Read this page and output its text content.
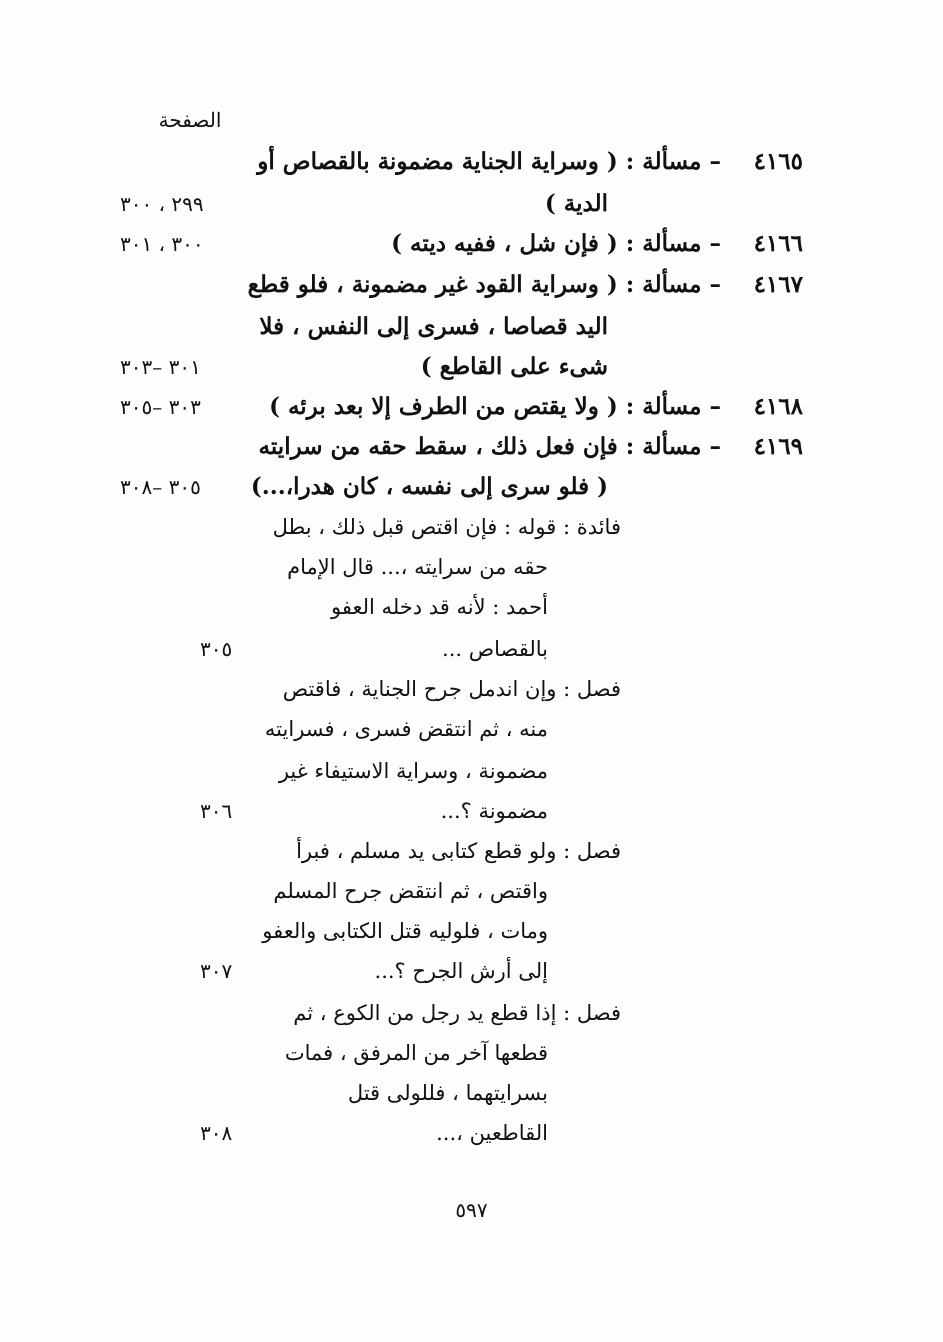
الصفحة
٤١٦٥
– مسألة : ( وسراية الجناية مضمونة بالقصاص أو
الدية )
٢٩٩ ، ٣٠٠
٤١٦٦
– مسألة : ( فإن شل ، ففيه ديته )
٣٠٠ ، ٣٠١
٤١٦٧
– مسألة : ( وسراية القود غير مضمونة ، فلو قطع
اليد قصاصا ، فسرى إلى النفس ، فلا
شىء على القاطع )
٣٠١ –٣٠٣
٤١٦٨
– مسألة : ( ولا يقتص من الطرف إلا بعد برئه )
٣٠٣ –٣٠٥
٤١٦٩
– مسألة : فإن فعل ذلك ، سقط حقه من سرايته
( فلو سرى إلى نفسه ، كان هدرا،...)
٣٠٥ –٣٠٨
فائدة : قوله : فإن اقتص قبل ذلك ، بطل
حقه من سرايته ،... قال الإمام
أحمد : لأنه قد دخله العفو
بالقصاص ...
٣٠٥
فصل : وإن اندمل جرح الجناية ، فاقتص
منه ، ثم انتقض فسرى ، فسرايته
مضمونة ، وسراية الاستيفاء غير
مضمونة ؟...
٣٠٦
فصل : ولو قطع كتابى يد مسلم ، فبرأ
واقتص ، ثم انتقض جرح المسلم
ومات ، فلوليه قتل الكتابى والعفو
إلى أرش الجرح ؟...
٣٠٧
فصل : إذا قطع يد رجل من الكوع ، ثم
قطعها آخر من المرفق ، فمات
بسرايتهما ، فللولى قتل
القاطعين ،...
٣٠٨
٥٩٧
